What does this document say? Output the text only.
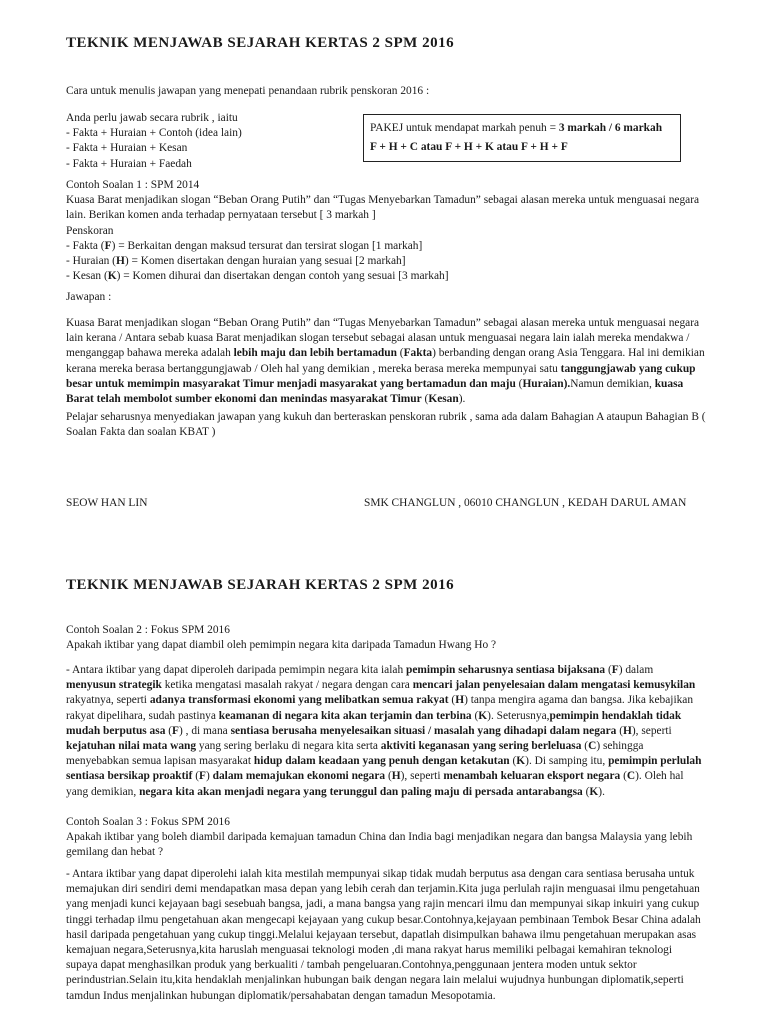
TEKNIK MENJAWAB SEJARAH KERTAS 2 SPM 2016
Cara untuk menulis jawapan yang menepati penandaan rubrik penskoran 2016 :

Anda perlu jawab secara rubrik , iaitu

- Fakta + Huraian + Contoh (idea lain)

- Fakta + Huraian + Kesan

- Fakta + Huraian + Faedah

PAKEJ untuk mendapat markah penuh = 3 markah / 6 markah
F + H + C atau F + H + K atau F + H + F

Contoh Soalan 1 : SPM 2014

Kuasa Barat menjadikan slogan “Beban Orang Putih” dan “Tugas Menyebarkan Tamadun” sebagai alasan mereka untuk menguasai negara lain. Berikan komen anda terhadap pernyataan tersebut [ 3 markah ]

Penskoran

- Fakta (F) = Berkaitan dengan maksud tersurat dan tersirat slogan [1 markah]

- Huraian (H) = Komen disertakan dengan huraian yang sesuai [2 markah]

- Kesan (K) = Komen dihurai dan disertakan dengan contoh yang sesuai [3 markah]

Jawapan :
Kuasa Barat menjadikan slogan “Beban Orang Putih” dan “Tugas Menyebarkan Tamadun” sebagai alasan mereka untuk menguasai negara lain kerana / Antara sebab kuasa Barat menjadikan slogan tersebut sebagai alasan untuk menguasai negara lain ialah mereka mendakwa / menganggap bahawa mereka adalah lebih maju dan lebih bertamadun (Fakta) berbanding dengan orang Asia Tenggara. Hal ini demikian kerana mereka berasa bertanggungjawab / Oleh hal yang demikian , mereka berasa mereka mempunyai satu tanggungjawab yang cukup besar untuk memimpin masyarakat Timur menjadi masyarakat yang bertamadun dan maju (Huraian).Namun demikian, kuasa Barat telah membolot sumber ekonomi dan menindas masyarakat Timur (Kesan).
Pelajar seharusnya menyediakan jawapan yang kukuh dan berteraskan penskoran rubrik , sama ada dalam Bahagian A ataupun Bahagian B ( Soalan Fakta dan soalan KBAT )
SEOW HAN LIN	SMK CHANGLUN , 06010 CHANGLUN , KEDAH DARUL AMAN
TEKNIK MENJAWAB SEJARAH KERTAS 2 SPM 2016

Contoh Soalan 2 : Fokus SPM 2016

Apakah iktibar yang dapat diambil oleh pemimpin negara kita daripada Tamadun Hwang Ho ?

- Antara iktibar yang dapat diperoleh daripada pemimpin negara kita ialah pemimpin seharusnya sentiasa bijaksana (F) dalam menyusun strategik ketika mengatasi masalah rakyat / negara dengan cara mencari jalan penyelesaian dalam mengatasi kemusykilan rakyatnya, seperti adanya transformasi ekonomi yang melibatkan semua rakyat (H) tanpa mengira agama dan bangsa. Jika kebajikan rakyat dipelihara, sudah pastinya keamanan di negara kita akan terjamin dan terbina (K). Seterusnya,pemimpin hendaklah tidak mudah berputus asa (F) , di mana sentiasa berusaha menyelesaikan situasi / masalah yang dihadapi dalam negara (H), seperti kejatuhan nilai mata wang yang sering berlaku di negara kita serta aktiviti keganasan yang sering berleluasa (C) sehingga menyebabkan semua lapisan masyarakat hidup dalam keadaan yang penuh dengan ketakutan (K). Di samping itu, pemimpin perlulah sentiasa bersikap proaktif (F) dalam memajukan ekonomi negara (H), seperti menambah keluaran eksport negara (C). Oleh hal yang demikian, negara kita akan menjadi negara yang terunggul dan paling maju di persada antarabangsa (K).

Contoh Soalan 3 : Fokus SPM 2016

Apakah iktibar yang boleh diambil daripada kemajuan tamadun China dan India bagi menjadikan negara dan bangsa Malaysia yang lebih gemilang dan hebat ?

- Antara iktibar yang dapat diperolehi ialah kita mestilah mempunyai sikap tidak mudah berputus asa dengan cara sentiasa berusaha untuk memajukan diri sendiri demi mendapatkan masa depan yang lebih cerah dan terjamin.Kita juga perlulah rajin menguasai ilmu pengetahuan yang menjadi kunci kejayaan bagi sesebuah bangsa, jadi, a mana bangsa yang rajin mencari ilmu dan mempunyai sikap inkuiri yang cukup tinggi terhadap ilmu pengetahuan akan mengecapi kejayaan yang cukup besar.Contohnya,kejayaan pembinaan Tembok Besar China adalah hasil daripada pengetahuan yang cukup tinggi.Melalui kejayaan tersebut, dapatlah disimpulkan bahawa ilmu pengetahuan merupakan asas kemajuan negara,Seterusnya,kita haruslah menguasai teknologi moden ,di mana rakyat harus memiliki pelbagai kemahiran teknologi supaya dapat menghasilkan produk yang berkualiti / tambah pengeluaran.Contohnya,penggunaan jentera moden untuk sektor perindustrian.Selain itu,kita hendaklah menjalinkan hubungan baik dengan negara lain melalui wujudnya hunbungan diplomatik,seperti tamdun Indus menjalinkan hubungan diplomatik/persahabatan dengan tamadun Mesopotamia.
